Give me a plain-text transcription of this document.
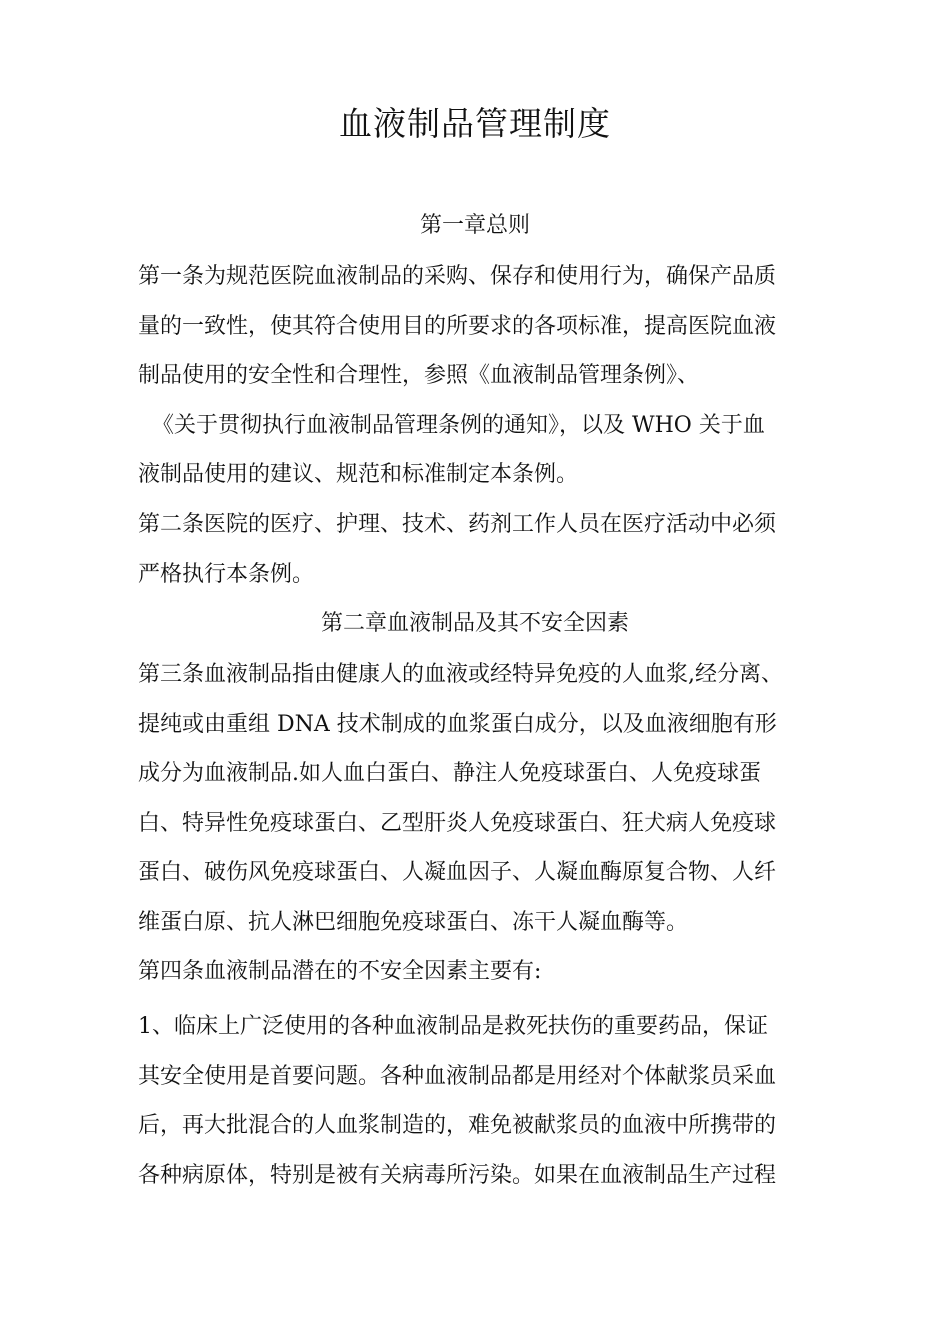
血液制品管理制度
第一章总则
第一条为规范医院血液制品的采购、保存和使用行为，确保产品质
量的一致性，使其符合使用目的所要求的各项标准，提高医院血液
制品使用的安全性和合理性，参照《血液制品管理条例》、
《关于贯彻执行血液制品管理条例的通知》，以及 WHO 关于血
液制品使用的建议、规范和标准制定本条例。
第二条医院的医疗、护理、技术、药剂工作人员在医疗活动中必须
严格执行本条例。
第二章血液制品及其不安全因素
第三条血液制品指由健康人的血液或经特异免疫的人血浆,经分离、
提纯或由重组 DNA 技术制成的血浆蛋白成分，以及血液细胞有形
成分为血液制品.如人血白蛋白、静注人免疫球蛋白、人免疫球蛋
白、特异性免疫球蛋白、乙型肝炎人免疫球蛋白、狂犬病人免疫球
蛋白、破伤风免疫球蛋白、人凝血因子、人凝血酶原复合物、人纤
维蛋白原、抗人淋巴细胞免疫球蛋白、冻干人凝血酶等。
第四条血液制品潜在的不安全因素主要有:
1、临床上广泛使用的各种血液制品是救死扶伤的重要药品，保证
其安全使用是首要问题。各种血液制品都是用经对个体献浆员采血
后，再大批混合的人血浆制造的，难免被献浆员的血液中所携带的
各种病原体，特别是被有关病毒所污染。如果在血液制品生产过程
